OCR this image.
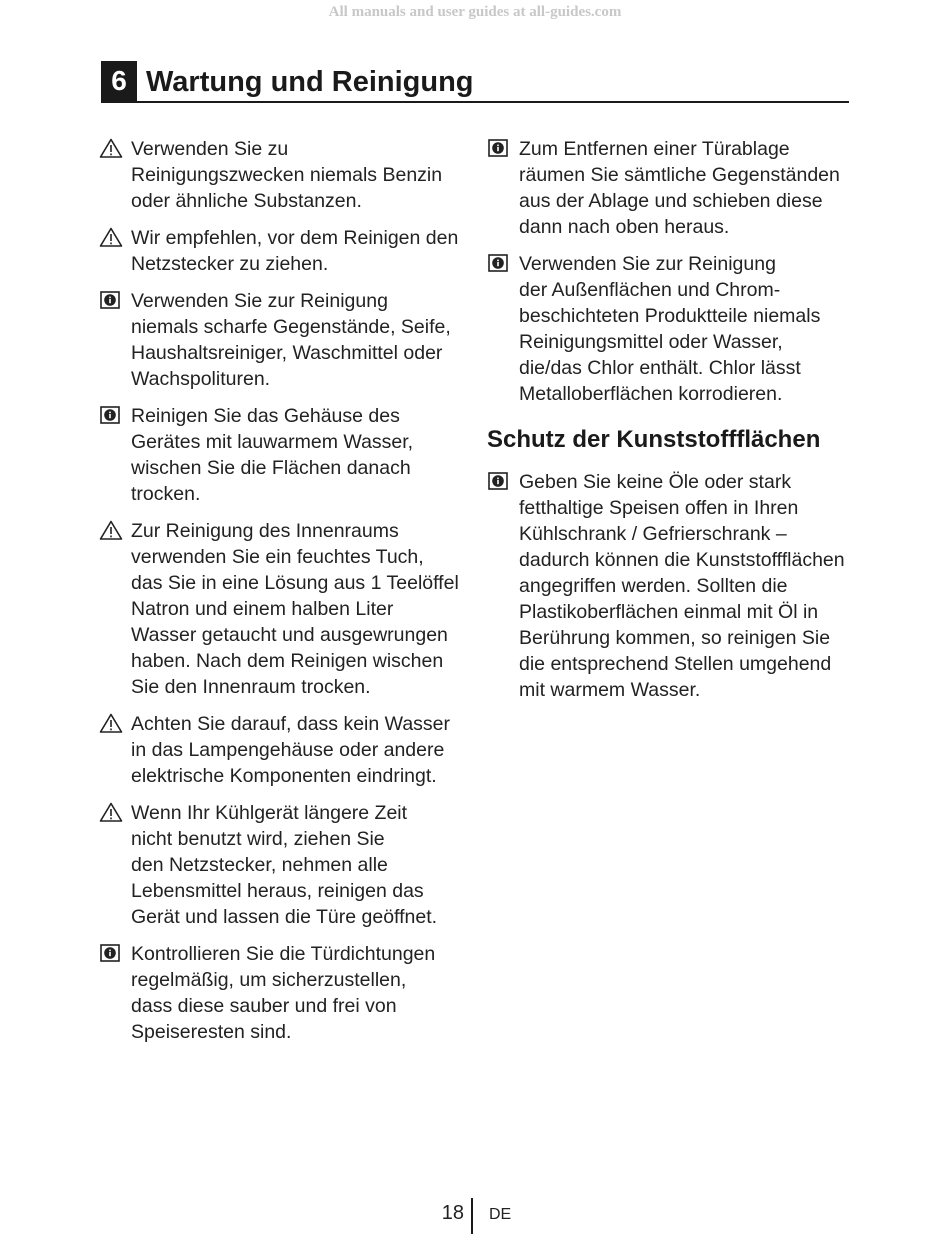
All manuals and user guides at all-guides.com
6 Wartung und Reinigung
Verwenden Sie zu
Reinigungszwecken niemals Benzin
oder ähnliche Substanzen.
Wir empfehlen, vor dem Reinigen den
Netzstecker zu ziehen.
Verwenden Sie zur Reinigung
niemals scharfe Gegenstände, Seife,
Haushaltsreiniger, Waschmittel oder
Wachspolituren.
Reinigen Sie das Gehäuse des
Gerätes mit lauwarmem Wasser,
wischen Sie die Flächen danach
trocken.
Zur Reinigung des Innenraums
verwenden Sie ein feuchtes Tuch,
das Sie in eine Lösung aus 1 Teelöffel
Natron und einem halben Liter
Wasser getaucht und ausgewrungen
haben. Nach dem Reinigen wischen
Sie den Innenraum trocken.
Achten Sie darauf, dass kein Wasser
in das Lampengehäuse oder andere
elektrische Komponenten eindringt.
Wenn Ihr Kühlgerät längere Zeit
nicht benutzt wird, ziehen Sie
den Netzstecker, nehmen alle
Lebensmittel heraus, reinigen das
Gerät und lassen die Türe geöffnet.
Kontrollieren Sie die Türdichtungen
regelmäßig, um sicherzustellen,
dass diese sauber und frei von
Speiseresten sind.
Zum Entfernen einer Türablage
räumen Sie sämtliche Gegenständen
aus der Ablage und schieben diese
dann nach oben heraus.
Verwenden Sie zur Reinigung
der Außenflächen und Chrom-
beschichteten Produktteile niemals
Reinigungsmittel oder Wasser,
die/das Chlor enthält. Chlor lässt
Metalloberflächen korrodieren.
Schutz der Kunststoffflächen
Geben Sie keine Öle oder stark
fetthaltige Speisen offen in Ihren
Kühlschrank / Gefrierschrank –
dadurch können die Kunststoffflächen
angegriffen werden. Sollten die
Plastikoberflächen einmal mit Öl in
Berührung kommen, so reinigen Sie
die entsprechend Stellen umgehend
mit warmem Wasser.
18 DE
